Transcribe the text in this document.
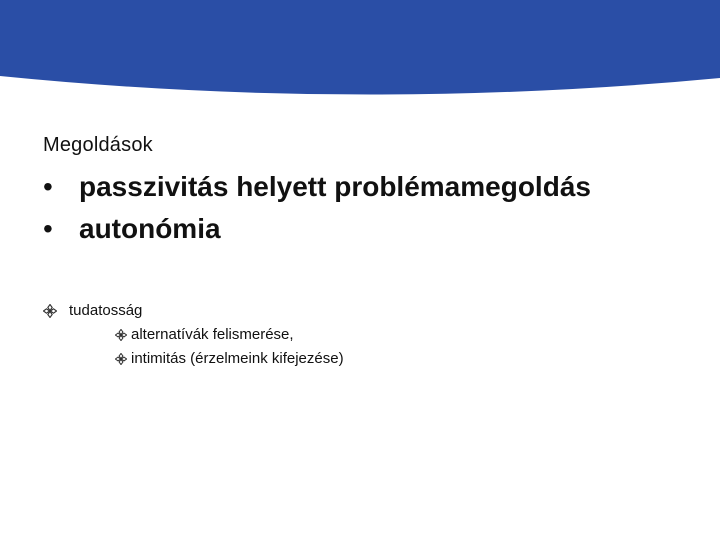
Megoldások
• passzivitás helyett problémamegoldás
• autonómia
tudatosság
alternatívák felismerése,
intimitás (érzelmeink kifejezése)
